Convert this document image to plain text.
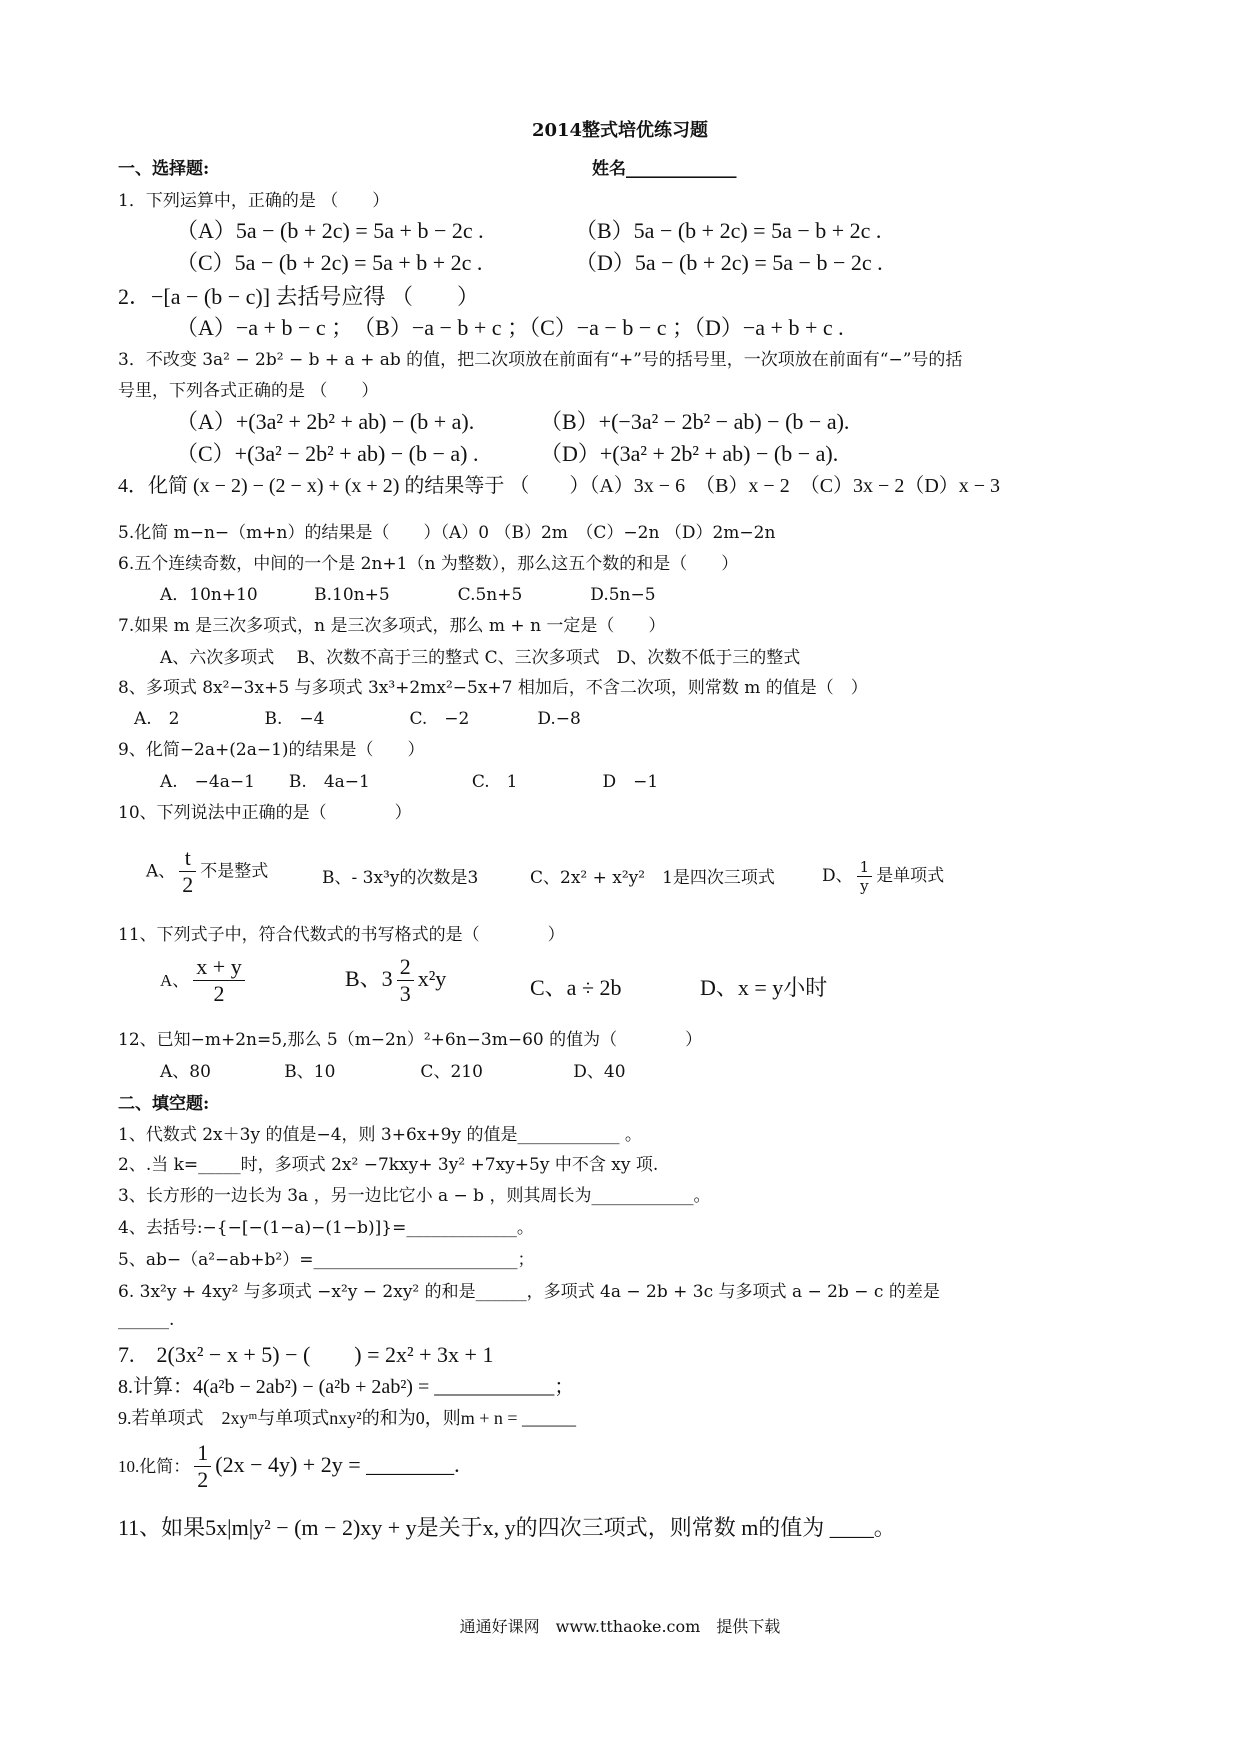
2014整式培优练习题
一、选择题:	姓名_____________
1．下列运算中，正确的是 （　　）
（A）5a − (b + 2c) = 5a + b − 2c .	（B）5a − (b + 2c) = 5a − b + 2c .
（C）5a − (b + 2c) = 5a + b + 2c .	（D）5a − (b + 2c) = 5a − b − 2c .
2．−[a − (b − c)] 去括号应得 （　　）
（A）−a + b − c ；　（B）−a − b + c ；（C）−a − b − c ；（D）−a + b + c .
3．不改变 3a² − 2b² − b + a + ab 的值，把二次项放在前面有“+”号的括号里，一次项放在前面有“−”号的括
号里，下列各式正确的是 （　　）
（A）+(3a² + 2b² + ab) − (b + a).	（B）+(−3a² − 2b² − ab) − (b − a).
（C）+(3a² − 2b² + ab) − (b − a) .	（D）+(3a² + 2b² + ab) − (b − a).
4．化简 (x − 2) − (2 − x) + (x + 2) 的结果等于 （　　）（A）3x − 6　（B）x − 2　（C）3x − 2（D）x − 3
5.化简 m−n−（m+n）的结果是（　　）（A）0 （B）2m　（C）−2n （D）2m−2n
6.五个连续奇数，中间的一个是 2n+1（n 为整数），那么这五个数的和是（　　）
A．10n+10　　　 B.10n+5　　　　C.5n+5　　　　D.5n−5
7.如果 m 是三次多项式，n 是三次多项式，那么 m + n 一定是（　　）
A、六次多项式　 B、次数不高于三的整式 C、三次多项式　D、次数不低于三的整式
8、多项式 8x²−3x+5 与多项式 3x³+2mx²−5x+7 相加后，不含二次项，则常数 m 的值是（　）
A.　2　　　　　B.　−4　　　　　C.　−2　　　　D.−8
9、化简−2a+(2a−1)的结果是（　　）
A.　−4a−1　　B.　4a−1　　　　　　C.　1　　　　　D　−1
10、下列说法中正确的是（　　　　）
A、 $\frac{t}{2}$ 不是整式	B、- 3x³y的次数是3	C、2x² + x²y²　1是四次三项式	D、 $\frac{1}{y}$ 是单项式
11、下列式子中，符合代数式的书写格式的是（　　　　）
A、 $\frac{x + y}{2}$	B、$3 \frac{2}{3} x^2y$	C、a ÷ 2b	D、x = y小时
12、已知−m+2n=5,那么 5（m−2n）²+6n−3m−60 的值为（　　　　）
A、80　　　　 B、10　　　　　C、210　　　　　 D、40
二、填空题:
1、代数式 2x＋3y 的值是−4，则 3+6x+9y 的值是____________ 。
2、.当 k=_____时，多项式 2x² −7kxy+ 3y² +7xy+5y 中不含 xy 项.
3、长方形的一边长为 3a ，另一边比它小 a − b ，则其周长为____________。
4、去括号:−{−[−(1−a)−(1−b)]}=_____________。
5、ab−（a²−ab+b²）=________________________；
6. 3x²y + 4xy² 与多项式 −x²y − 2xy² 的和是______，多项式 4a − 2b + 3c 与多项式 a − 2b − c 的差是
______.
7.　2(3x² − x + 5) − (　　) = 2x² + 3x + 1
8.计算：4(a²b − 2ab²) − (a²b + 2ab²) = ____________；
9.若单项式　2xyᵐ与单项式nxy²的和为0，则m + n = ______
10.化简： $\frac{1}{2} (2x - 4y) + 2y$ = ________.
11、如果5x|m|y² − (m − 2)xy + y是关于x, y的四次三项式，则常数 m的值为 ____。
通通好课网　www.tthaoke.com　提供下载
